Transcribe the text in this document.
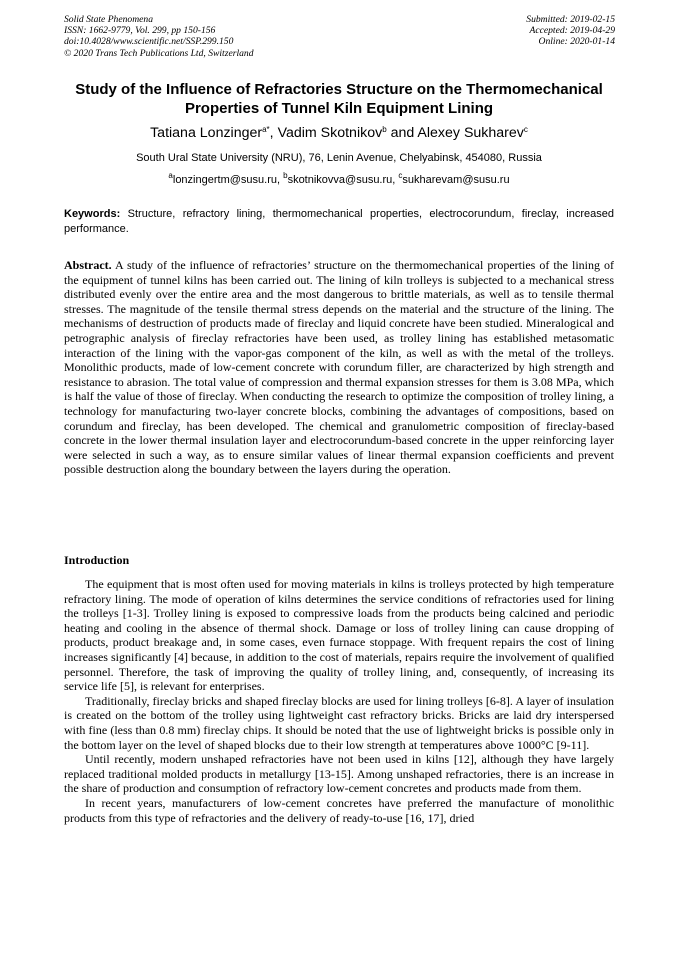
Solid State Phenomena
ISSN: 1662-9779, Vol. 299, pp 150-156
doi:10.4028/www.scientific.net/SSP.299.150
© 2020 Trans Tech Publications Ltd, Switzerland
Submitted: 2019-02-15
Accepted: 2019-04-29
Online: 2020-01-14
Study of the Influence of Refractories Structure on the Thermomechanical Properties of Tunnel Kiln Equipment Lining
Tatiana Lonzinger$^{a*}$, Vadim Skotnikov$^b$ and Alexey Sukharev$^c$
South Ural State University (NRU), 76, Lenin Avenue, Chelyabinsk, 454080, Russia
$^a$lonzingertm@susu.ru, $^b$skotnikovva@susu.ru, $^c$sukharevam@susu.ru
Keywords: Structure, refractory lining, thermomechanical properties, electrocorundum, fireclay, increased performance.
Abstract. A study of the influence of refractories’ structure on the thermomechanical properties of the lining of the equipment of tunnel kilns has been carried out. The lining of kiln trolleys is subjected to a mechanical stress distributed evenly over the entire area and the most dangerous to brittle materials, as well as to tensile thermal stresses. The magnitude of the tensile thermal stress depends on the material and the structure of the lining. The mechanisms of destruction of products made of fireclay and liquid concrete have been studied. Mineralogical and petrographic analysis of fireclay refractories have been used, as trolley lining has established metasomatic interaction of the lining with the vapor-gas component of the kiln, as well as with the metal of the trolleys. Monolithic products, made of low-cement concrete with corundum filler, are characterized by high strength and resistance to abrasion. The total value of compression and thermal expansion stresses for them is 3.08 MPa, which is half the value of those of fireclay. When conducting the research to optimize the composition of trolley lining, a technology for manufacturing two-layer concrete blocks, combining the advantages of compositions, based on corundum and fireclay, has been developed. The chemical and granulometric composition of fireclay-based concrete in the lower thermal insulation layer and electrocorundum-based concrete in the upper reinforcing layer were selected in such a way, as to ensure similar values of linear thermal expansion coefficients and prevent possible destruction along the boundary between the layers during the operation.
Introduction

The equipment that is most often used for moving materials in kilns is trolleys protected by high temperature refractory lining. The mode of operation of kilns determines the service conditions of refractories used for lining the trolleys [1-3]. Trolley lining is exposed to compressive loads from the products being calcined and periodic heating and cooling in the absence of thermal shock. Damage or loss of trolley lining can cause dropping of products, product breakage and, in some cases, even furnace stoppage. With frequent repairs the cost of lining increases significantly [4] because, in addition to the cost of materials, repairs require the involvement of qualified personnel. Therefore, the task of improving the quality of trolley lining, and, consequently, of increasing its service life [5], is relevant for enterprises.

Traditionally, fireclay bricks and shaped fireclay blocks are used for lining trolleys [6-8]. A layer of insulation is created on the bottom of the trolley using lightweight cast refractory bricks. Bricks are laid dry interspersed with fine (less than 0.8 mm) fireclay chips. It should be noted that the use of lightweight bricks is possible only in the bottom layer on the level of shaped blocks due to their low strength at temperatures above 1000°C [9-11].

Until recently, modern unshaped refractories have not been used in kilns [12], although they have largely replaced traditional molded products in metallurgy [13-15]. Among unshaped refractories, there is an increase in the share of production and consumption of refractory low-cement concretes and products made from them.

In recent years, manufacturers of low-cement concretes have preferred the manufacture of monolithic products from this type of refractories and the delivery of ready-to-use [16, 17], dried
